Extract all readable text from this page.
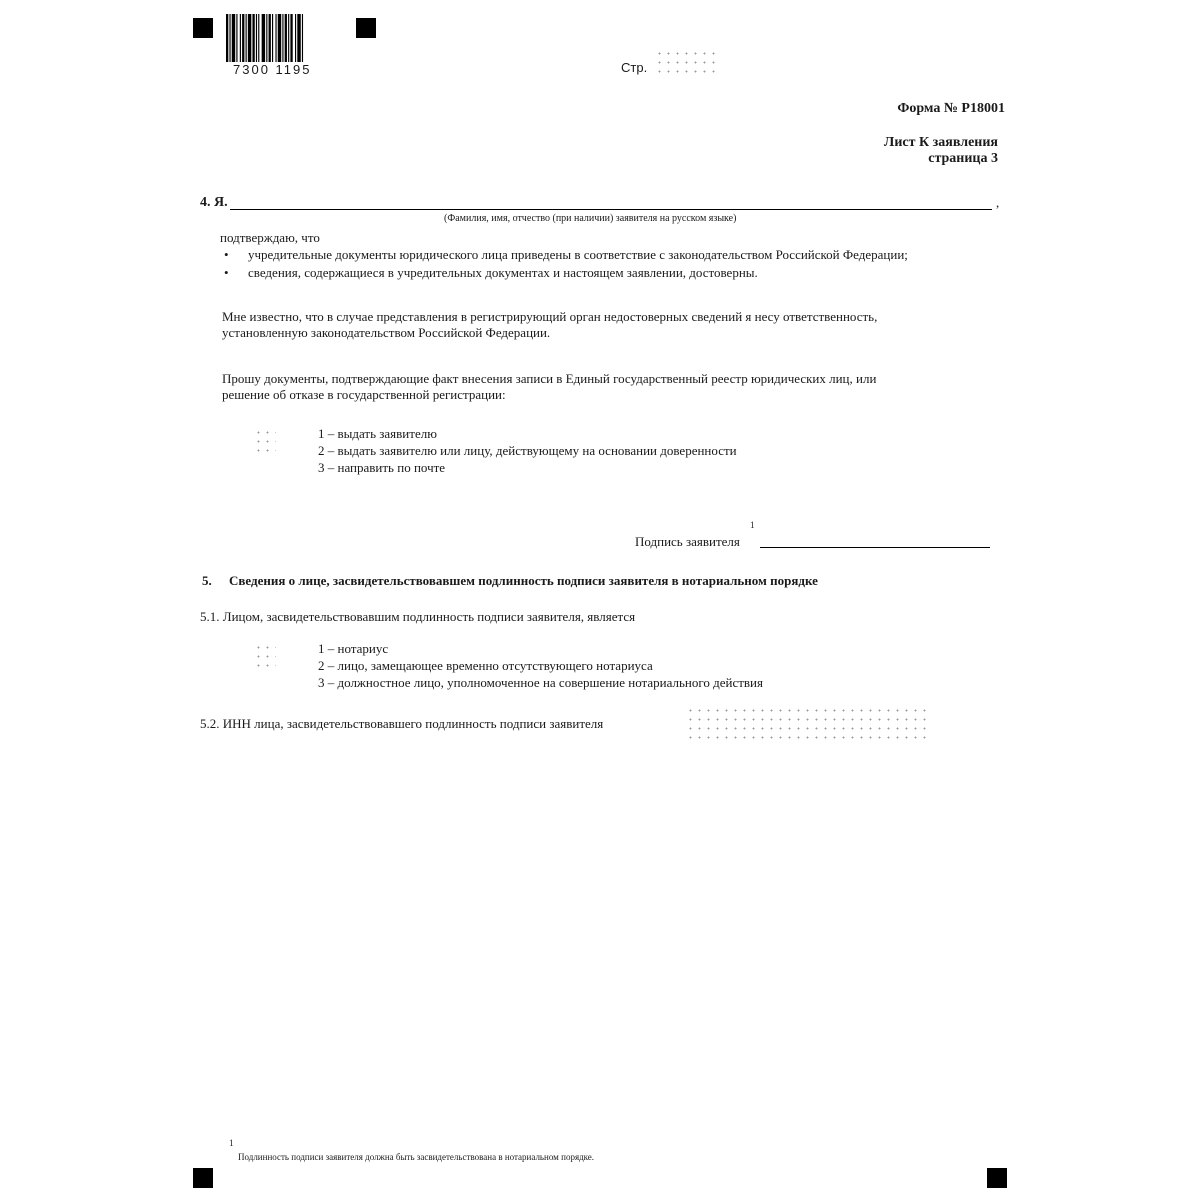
7300 1195	Стр.
Форма № Р18001
Лист К заявления
страница 3
4. Я.	,
(Фамилия, имя, отчество (при наличии) заявителя на русском языке)
подтверждаю, что
• учредительные документы юридического лица приведены в соответствие с законодательством Российской Федерации;
• сведения, содержащиеся в учредительных документах и настоящем заявлении, достоверны.
Мне известно, что в случае представления в регистрирующий орган недостоверных сведений я несу ответственность,
установленную законодательством Российской Федерации.
Прошу документы, подтверждающие факт внесения записи в Единый государственный реестр юридических лиц, или
решение об отказе в государственной регистрации:
1 – выдать заявителю
2 – выдать заявителю или лицу, действующему на основании доверенности
3 – направить по почте
1
Подпись заявителя
5. Сведения о лице, засвидетельствовавшем подлинность подписи заявителя в нотариальном порядке
5.1. Лицом, засвидетельствовавшим подлинность подписи заявителя, является
1 – нотариус
2 – лицо, замещающее временно отсутствующего нотариуса
3 – должностное лицо, уполномоченное на совершение нотариального действия
5.2. ИНН лица, засвидетельствовавшего подлинность подписи заявителя
1
Подлинность подписи заявителя должна быть засвидетельствована в нотариальном порядке.
